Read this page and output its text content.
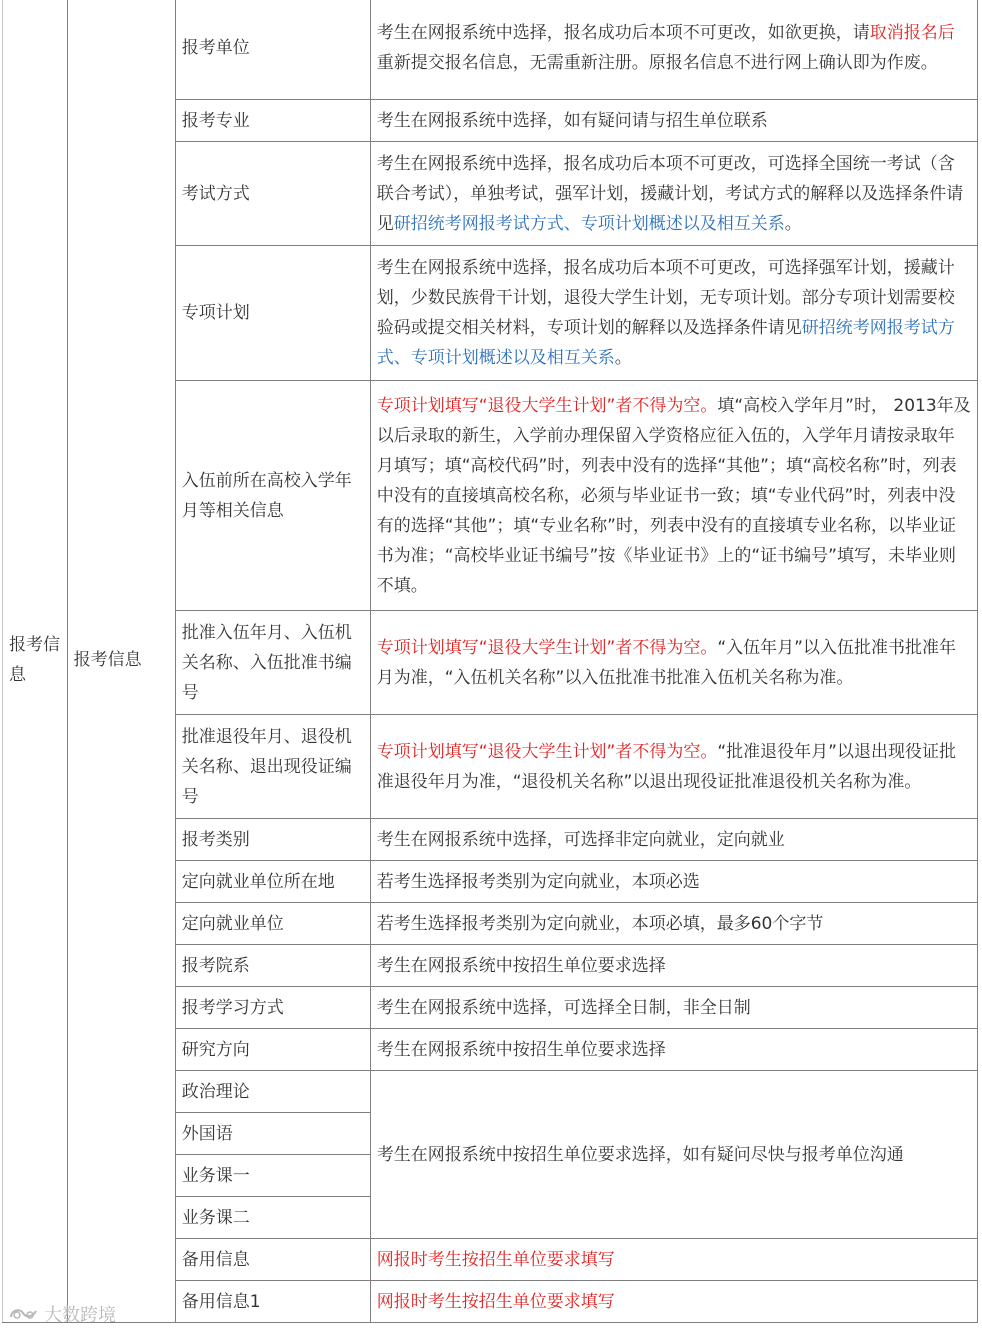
报考信息	报考信息	报考单位	考生在网报系统中选择，报名成功后本项不可更改，如欲更换，请取消报名后重新提交报名信息，无需重新注册。原报名信息不进行网上确认即为作废。
		报考专业	考生在网报系统中选择，如有疑问请与招生单位联系
		考试方式	考生在网报系统中选择，报名成功后本项不可更改，可选择全国统一考试（含联合考试），单独考试，强军计划，援藏计划，考试方式的解释以及选择条件请见研招统考网报考试方式、专项计划概述以及相互关系。
		专项计划	考生在网报系统中选择，报名成功后本项不可更改，可选择强军计划，援藏计划，少数民族骨干计划，退役大学生计划，无专项计划。部分专项计划需要校验码或提交相关材料，专项计划的解释以及选择条件请见研招统考网报考试方式、专项计划概述以及相互关系。
		入伍前所在高校入学年月等相关信息	专项计划填写“退役大学生计划”者不得为空。填“高校入学年月”时， 2013年及以后录取的新生，入学前办理保留入学资格应征入伍的，入学年月请按录取年月填写；填“高校代码”时，列表中没有的选择“其他”；填“高校名称”时，列表中没有的直接填高校名称，必须与毕业证书一致；填“专业代码”时，列表中没有的选择“其他”；填“专业名称”时，列表中没有的直接填专业名称，以毕业证书为准；“高校毕业证书编号”按《毕业证书》上的“证书编号”填写，未毕业则不填。
		批准入伍年月、入伍机关名称、入伍批准书编号	专项计划填写“退役大学生计划”者不得为空。“入伍年月”以入伍批准书批准年月为准，“入伍机关名称”以入伍批准书批准入伍机关名称为准。
		批准退役年月、退役机关名称、退出现役证编号	专项计划填写“退役大学生计划”者不得为空。“批准退役年月”以退出现役证批准退役年月为准，“退役机关名称”以退出现役证批准退役机关名称为准。
		报考类别	考生在网报系统中选择，可选择非定向就业，定向就业
		定向就业单位所在地	若考生选择报考类别为定向就业，本项必选
		定向就业单位	若考生选择报考类别为定向就业，本项必填，最多60个字节
		报考院系	考生在网报系统中按招生单位要求选择
		报考学习方式	考生在网报系统中选择，可选择全日制，非全日制
		研究方向	考生在网报系统中按招生单位要求选择
		政治理论	考生在网报系统中按招生单位要求选择，如有疑问尽快与报考单位沟通
		外国语	
		业务课一	
		业务课二	
		备用信息	网报时考生按招生单位要求填写
		备用信息1	网报时考生按招生单位要求填写
大数跨境
